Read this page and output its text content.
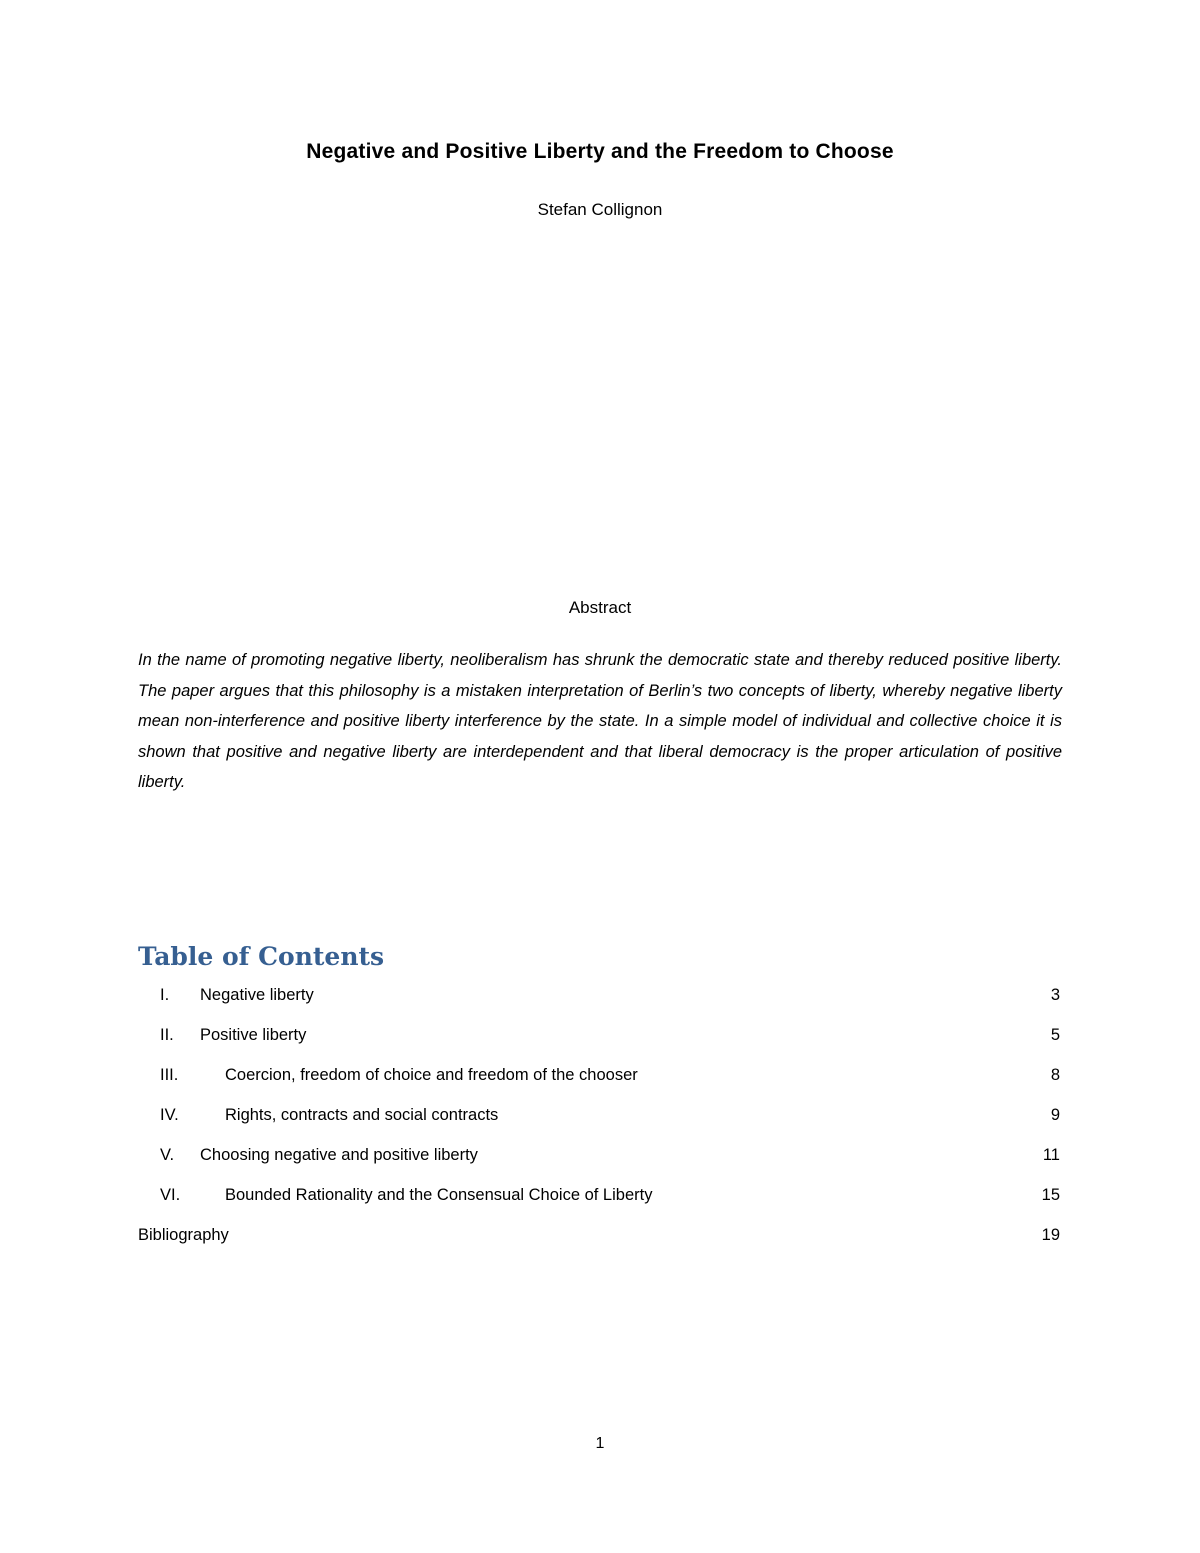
Negative and Positive Liberty and the Freedom to Choose
Stefan Collignon
Abstract
In the name of promoting negative liberty, neoliberalism has shrunk the democratic state and thereby reduced positive liberty. The paper argues that this philosophy is a mistaken interpretation of Berlin’s two concepts of liberty, whereby negative liberty mean non-interference and positive liberty interference by the state. In a simple model of individual and collective choice it is shown that positive and negative liberty are interdependent and that liberal democracy is the proper articulation of positive liberty.
Table of Contents
I.	Negative liberty	3
II.	Positive liberty	5
III.	Coercion, freedom of choice and freedom of the chooser	8
IV.	Rights, contracts and social contracts	9
V.	Choosing negative and positive liberty	11
VI.	Bounded Rationality and the Consensual Choice of Liberty	15
Bibliography	19
1
